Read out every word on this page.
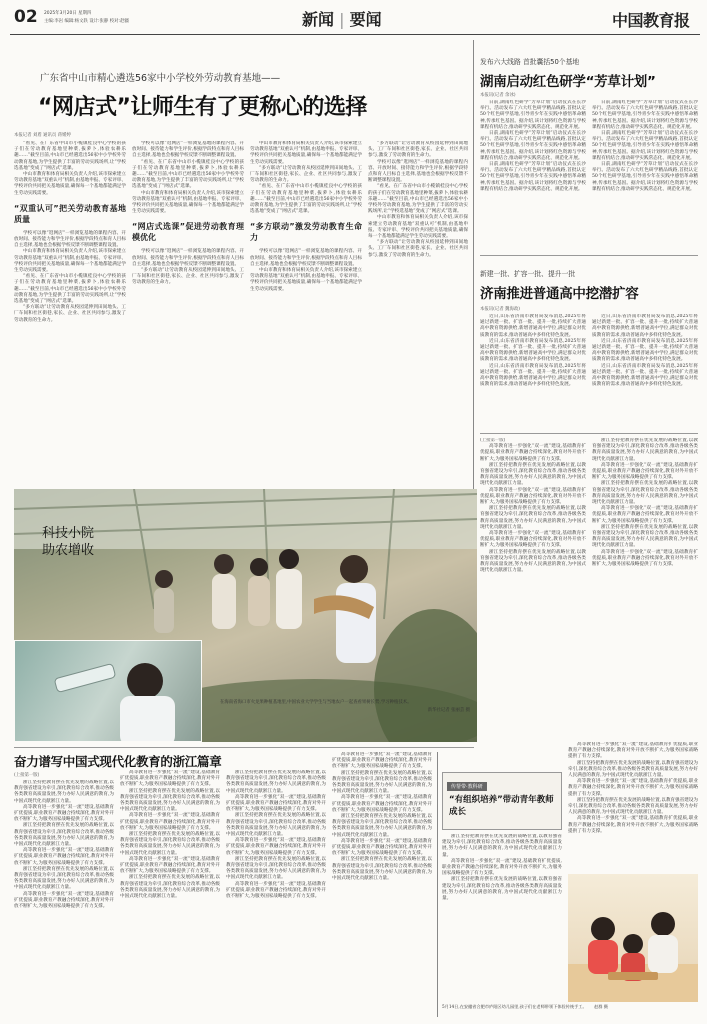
02 2025年3月20日 星期四
主编:李岩 编辑:杨文轶 设计:张静 校对:赵疆	新闻 | 要闻	中国教育报
广东省中山市精心遴选56家中小学校外劳动教育基地——
“网店式”让师生有了更称心的选择
本报记者 刘盾 通讯员 蒋嫒婷

“看见、在广东省中山市小榄镇桂良中心学校的孩子们在劳动教育基地里种菜,拔萝卜,体验农耕乐趣……”截至目前,中山市已经遴选出56家中小学校外劳动教育基地,为学生提供了丰富的劳动实践场所,让“学校选基地”变成了“网店式”选课。

中山市教育和体育局相关负责人介绍,该市探索建立劳动教育基地“双重认可”机制,由基地申报、专家评审、学校评价共同把关基地质量,确保每一个基地都能满足学生劳动实践需要。

“双重认可”把关劳动教育基地质量

学校可以像“逛网店”一样浏览基地的课程内容、开放时间、接待能力和学生评价,根据学段特点和育人目标自主选择,基地也会根据学校反馈不断调整课程设置。

中山市教育和体育局相关负责人介绍,该市探索建立劳动教育基地“双重认可”机制,由基地申报、专家评审、学校评价共同把关基地质量,确保每一个基地都能满足学生劳动实践需要。

“看见、在广东省中山市小榄镇桂良中心学校的孩子们在劳动教育基地里种菜,拔萝卜,体验农耕乐趣……”截至目前,中山市已经遴选出56家中小学校外劳动教育基地,为学生提供了丰富的劳动实践场所,让“学校选基地”变成了“网店式”选课。

“多方联动”让劳动教育从校园延伸到田间地头、工厂车间和社区街巷,家长、企业、社区共同参与,激发了劳动教育的生命力。

学校可以像“逛网店”一样浏览基地的课程内容、开放时间、接待能力和学生评价,根据学段特点和育人目标自主选择,基地也会根据学校反馈不断调整课程设置。

“看见、在广东省中山市小榄镇桂良中心学校的孩子们在劳动教育基地里种菜,拔萝卜,体验农耕乐趣……”截至目前,中山市已经遴选出56家中小学校外劳动教育基地,为学生提供了丰富的劳动实践场所,让“学校选基地”变成了“网店式”选课。

中山市教育和体育局相关负责人介绍,该市探索建立劳动教育基地“双重认可”机制,由基地申报、专家评审、学校评价共同把关基地质量,确保每一个基地都能满足学生劳动实践需要。

“网店式选课”促进劳动教育理模优化

学校可以像“逛网店”一样浏览基地的课程内容、开放时间、接待能力和学生评价,根据学段特点和育人目标自主选择,基地也会根据学校反馈不断调整课程设置。

“多方联动”让劳动教育从校园延伸到田间地头、工厂车间和社区街巷,家长、企业、社区共同参与,激发了劳动教育的生命力。

中山市教育和体育局相关负责人介绍,该市探索建立劳动教育基地“双重认可”机制,由基地申报、专家评审、学校评价共同把关基地质量,确保每一个基地都能满足学生劳动实践需要。

“多方联动”让劳动教育从校园延伸到田间地头、工厂车间和社区街巷,家长、企业、社区共同参与,激发了劳动教育的生命力。

“看见、在广东省中山市小榄镇桂良中心学校的孩子们在劳动教育基地里种菜,拔萝卜,体验农耕乐趣……”截至目前,中山市已经遴选出56家中小学校外劳动教育基地,为学生提供了丰富的劳动实践场所,让“学校选基地”变成了“网店式”选课。

“多方联动”激发劳动教育生命力

学校可以像“逛网店”一样浏览基地的课程内容、开放时间、接待能力和学生评价,根据学段特点和育人目标自主选择,基地也会根据学校反馈不断调整课程设置。

中山市教育和体育局相关负责人介绍,该市探索建立劳动教育基地“双重认可”机制,由基地申报、专家评审、学校评价共同把关基地质量,确保每一个基地都能满足学生劳动实践需要。

“多方联动”让劳动教育从校园延伸到田间地头、工厂车间和社区街巷,家长、企业、社区共同参与,激发了劳动教育的生命力。

学校可以像“逛网店”一样浏览基地的课程内容、开放时间、接待能力和学生评价,根据学段特点和育人目标自主选择,基地也会根据学校反馈不断调整课程设置。

“看见、在广东省中山市小榄镇桂良中心学校的孩子们在劳动教育基地里种菜,拔萝卜,体验农耕乐趣……”截至目前,中山市已经遴选出56家中小学校外劳动教育基地,为学生提供了丰富的劳动实践场所,让“学校选基地”变成了“网店式”选课。

中山市教育和体育局相关负责人介绍,该市探索建立劳动教育基地“双重认可”机制,由基地申报、专家评审、学校评价共同把关基地质量,确保每一个基地都能满足学生劳动实践需要。

“多方联动”让劳动教育从校园延伸到田间地头、工厂车间和社区街巷,家长、企业、社区共同参与,激发了劳动教育的生命力。

发布六大线路 首批囊括50个基地
湖南启动红色研学“芳草计划”
本报讯(记者 余冰)

日前,湖南红色研学“芳草计划”启动仪式在长沙举行。活动发布了六大红色研学精品线路,首批认定50个红色研学基地,引导青少年在实践中感悟革命精神,传承红色基因。据介绍,该计划将红色资源与学校课程有机结合,推动研学实践常态化、规范化开展。

日前,湖南红色研学“芳草计划”启动仪式在长沙举行。活动发布了六大红色研学精品线路,首批认定50个红色研学基地,引导青少年在实践中感悟革命精神,传承红色基因。据介绍,该计划将红色资源与学校课程有机结合,推动研学实践常态化、规范化开展。

日前,湖南红色研学“芳草计划”启动仪式在长沙举行。活动发布了六大红色研学精品线路,首批认定50个红色研学基地,引导青少年在实践中感悟革命精神,传承红色基因。据介绍,该计划将红色资源与学校课程有机结合,推动研学实践常态化、规范化开展。

日前,湖南红色研学“芳草计划”启动仪式在长沙举行。活动发布了六大红色研学精品线路,首批认定50个红色研学基地,引导青少年在实践中感悟革命精神,传承红色基因。据介绍,该计划将红色资源与学校课程有机结合,推动研学实践常态化、规范化开展。

日前,湖南红色研学“芳草计划”启动仪式在长沙举行。活动发布了六大红色研学精品线路,首批认定50个红色研学基地,引导青少年在实践中感悟革命精神,传承红色基因。据介绍,该计划将红色资源与学校课程有机结合,推动研学实践常态化、规范化开展。

日前,湖南红色研学“芳草计划”启动仪式在长沙举行。活动发布了六大红色研学精品线路,首批认定50个红色研学基地,引导青少年在实践中感悟革命精神,传承红色基因。据介绍,该计划将红色资源与学校课程有机结合,推动研学实践常态化、规范化开展。

新建一批、扩容一批、提升一批
济南推进普通高中挖潜扩容
本报讯(记者 魏海政)

近日,山东省济南市教育局发布消息,2025年将通过新建一批、扩容一批、提升一批,持续扩大普通高中教育资源供给,新增普通高中学位,满足群众对优质教育的需求,推动普通高中多样化特色发展。

近日,山东省济南市教育局发布消息,2025年将通过新建一批、扩容一批、提升一批,持续扩大普通高中教育资源供给,新增普通高中学位,满足群众对优质教育的需求,推动普通高中多样化特色发展。

近日,山东省济南市教育局发布消息,2025年将通过新建一批、扩容一批、提升一批,持续扩大普通高中教育资源供给,新增普通高中学位,满足群众对优质教育的需求,推动普通高中多样化特色发展。

近日,山东省济南市教育局发布消息,2025年将通过新建一批、扩容一批、提升一批,持续扩大普通高中教育资源供给,新增普通高中学位,满足群众对优质教育的需求,推动普通高中多样化特色发展。

近日,山东省济南市教育局发布消息,2025年将通过新建一批、扩容一批、提升一批,持续扩大普通高中教育资源供给,新增普通高中学位,满足群众对优质教育的需求,推动普通高中多样化特色发展。

近日,山东省济南市教育局发布消息,2025年将通过新建一批、扩容一批、提升一批,持续扩大普通高中教育资源供给,新增普通高中学位,满足群众对优质教育的需求,推动普通高中多样化特色发展。

(上接第一版)

高等教育进一步强化“双一流”建设,基础教育扩优提质,职业教育产教融合持续深化,教育对外开放不断扩大,为服务国家战略提供了有力支撑。

浙江坚持把教育摆在优先发展的战略位置,以教育强省建设为牵引,深化教育综合改革,推动各级各类教育高质量发展,努力办好人民满意的教育,为中国式现代化贡献浙江力量。

高等教育进一步强化“双一流”建设,基础教育扩优提质,职业教育产教融合持续深化,教育对外开放不断扩大,为服务国家战略提供了有力支撑。

浙江坚持把教育摆在优先发展的战略位置,以教育强省建设为牵引,深化教育综合改革,推动各级各类教育高质量发展,努力办好人民满意的教育,为中国式现代化贡献浙江力量。

高等教育进一步强化“双一流”建设,基础教育扩优提质,职业教育产教融合持续深化,教育对外开放不断扩大,为服务国家战略提供了有力支撑。

浙江坚持把教育摆在优先发展的战略位置,以教育强省建设为牵引,深化教育综合改革,推动各级各类教育高质量发展,努力办好人民满意的教育,为中国式现代化贡献浙江力量。

浙江坚持把教育摆在优先发展的战略位置,以教育强省建设为牵引,深化教育综合改革,推动各级各类教育高质量发展,努力办好人民满意的教育,为中国式现代化贡献浙江力量。

高等教育进一步强化“双一流”建设,基础教育扩优提质,职业教育产教融合持续深化,教育对外开放不断扩大,为服务国家战略提供了有力支撑。

浙江坚持把教育摆在优先发展的战略位置,以教育强省建设为牵引,深化教育综合改革,推动各级各类教育高质量发展,努力办好人民满意的教育,为中国式现代化贡献浙江力量。

高等教育进一步强化“双一流”建设,基础教育扩优提质,职业教育产教融合持续深化,教育对外开放不断扩大,为服务国家战略提供了有力支撑。

浙江坚持把教育摆在优先发展的战略位置,以教育强省建设为牵引,深化教育综合改革,推动各级各类教育高质量发展,努力办好人民满意的教育,为中国式现代化贡献浙江力量。

高等教育进一步强化“双一流”建设,基础教育扩优提质,职业教育产教融合持续深化,教育对外开放不断扩大,为服务国家战略提供了有力支撑。

科技小院
助农增收
在海南省海口市火龙果种植基地里,中国农业大学学生与当地农户一起查看果树长势,学习种植技术。
新华社记者 张丽芸 摄
奋力谱写中国式现代化教育的浙江篇章
(上接第一版)

浙江坚持把教育摆在优先发展的战略位置,以教育强省建设为牵引,深化教育综合改革,推动各级各类教育高质量发展,努力办好人民满意的教育,为中国式现代化贡献浙江力量。

高等教育进一步强化“双一流”建设,基础教育扩优提质,职业教育产教融合持续深化,教育对外开放不断扩大,为服务国家战略提供了有力支撑。

浙江坚持把教育摆在优先发展的战略位置,以教育强省建设为牵引,深化教育综合改革,推动各级各类教育高质量发展,努力办好人民满意的教育,为中国式现代化贡献浙江力量。

高等教育进一步强化“双一流”建设,基础教育扩优提质,职业教育产教融合持续深化,教育对外开放不断扩大,为服务国家战略提供了有力支撑。

浙江坚持把教育摆在优先发展的战略位置,以教育强省建设为牵引,深化教育综合改革,推动各级各类教育高质量发展,努力办好人民满意的教育,为中国式现代化贡献浙江力量。

高等教育进一步强化“双一流”建设,基础教育扩优提质,职业教育产教融合持续深化,教育对外开放不断扩大,为服务国家战略提供了有力支撑。

高等教育进一步强化“双一流”建设,基础教育扩优提质,职业教育产教融合持续深化,教育对外开放不断扩大,为服务国家战略提供了有力支撑。

浙江坚持把教育摆在优先发展的战略位置,以教育强省建设为牵引,深化教育综合改革,推动各级各类教育高质量发展,努力办好人民满意的教育,为中国式现代化贡献浙江力量。

高等教育进一步强化“双一流”建设,基础教育扩优提质,职业教育产教融合持续深化,教育对外开放不断扩大,为服务国家战略提供了有力支撑。

浙江坚持把教育摆在优先发展的战略位置,以教育强省建设为牵引,深化教育综合改革,推动各级各类教育高质量发展,努力办好人民满意的教育,为中国式现代化贡献浙江力量。

高等教育进一步强化“双一流”建设,基础教育扩优提质,职业教育产教融合持续深化,教育对外开放不断扩大,为服务国家战略提供了有力支撑。

浙江坚持把教育摆在优先发展的战略位置,以教育强省建设为牵引,深化教育综合改革,推动各级各类教育高质量发展,努力办好人民满意的教育,为中国式现代化贡献浙江力量。

浙江坚持把教育摆在优先发展的战略位置,以教育强省建设为牵引,深化教育综合改革,推动各级各类教育高质量发展,努力办好人民满意的教育,为中国式现代化贡献浙江力量。

高等教育进一步强化“双一流”建设,基础教育扩优提质,职业教育产教融合持续深化,教育对外开放不断扩大,为服务国家战略提供了有力支撑。

浙江坚持把教育摆在优先发展的战略位置,以教育强省建设为牵引,深化教育综合改革,推动各级各类教育高质量发展,努力办好人民满意的教育,为中国式现代化贡献浙江力量。

高等教育进一步强化“双一流”建设,基础教育扩优提质,职业教育产教融合持续深化,教育对外开放不断扩大,为服务国家战略提供了有力支撑。

浙江坚持把教育摆在优先发展的战略位置,以教育强省建设为牵引,深化教育综合改革,推动各级各类教育高质量发展,努力办好人民满意的教育,为中国式现代化贡献浙江力量。

高等教育进一步强化“双一流”建设,基础教育扩优提质,职业教育产教融合持续深化,教育对外开放不断扩大,为服务国家战略提供了有力支撑。

高等教育进一步强化“双一流”建设,基础教育扩优提质,职业教育产教融合持续深化,教育对外开放不断扩大,为服务国家战略提供了有力支撑。

浙江坚持把教育摆在优先发展的战略位置,以教育强省建设为牵引,深化教育综合改革,推动各级各类教育高质量发展,努力办好人民满意的教育,为中国式现代化贡献浙江力量。

高等教育进一步强化“双一流”建设,基础教育扩优提质,职业教育产教融合持续深化,教育对外开放不断扩大,为服务国家战略提供了有力支撑。

浙江坚持把教育摆在优先发展的战略位置,以教育强省建设为牵引,深化教育综合改革,推动各级各类教育高质量发展,努力办好人民满意的教育,为中国式现代化贡献浙江力量。

高等教育进一步强化“双一流”建设,基础教育扩优提质,职业教育产教融合持续深化,教育对外开放不断扩大,为服务国家战略提供了有力支撑。

浙江坚持把教育摆在优先发展的战略位置,以教育强省建设为牵引,深化教育综合改革,推动各级各类教育高质量发展,努力办好人民满意的教育,为中国式现代化贡献浙江力量。

传帮带·教科研
“有组织培养”带动青年教师成长

浙江坚持把教育摆在优先发展的战略位置,以教育强省建设为牵引,深化教育综合改革,推动各级各类教育高质量发展,努力办好人民满意的教育,为中国式现代化贡献浙江力量。

高等教育进一步强化“双一流”建设,基础教育扩优提质,职业教育产教融合持续深化,教育对外开放不断扩大,为服务国家战略提供了有力支撑。

浙江坚持把教育摆在优先发展的战略位置,以教育强省建设为牵引,深化教育综合改革,推动各级各类教育高质量发展,努力办好人民满意的教育,为中国式现代化贡献浙江力量。

高等教育进一步强化“双一流”建设,基础教育扩优提质,职业教育产教融合持续深化,教育对外开放不断扩大,为服务国家战略提供了有力支撑。

浙江坚持把教育摆在优先发展的战略位置,以教育强省建设为牵引,深化教育综合改革,推动各级各类教育高质量发展,努力办好人民满意的教育,为中国式现代化贡献浙江力量。

高等教育进一步强化“双一流”建设,基础教育扩优提质,职业教育产教融合持续深化,教育对外开放不断扩大,为服务国家战略提供了有力支撑。

浙江坚持把教育摆在优先发展的战略位置,以教育强省建设为牵引,深化教育综合改革,推动各级各类教育高质量发展,努力办好人民满意的教育,为中国式现代化贡献浙江力量。

高等教育进一步强化“双一流”建设,基础教育扩优提质,职业教育产教融合持续深化,教育对外开放不断扩大,为服务国家战略提供了有力支撑。

5月14日,在安徽省合肥市庐阳区幼儿园里,孩子们在老师带领下体验传统手工。 赵群 摄
